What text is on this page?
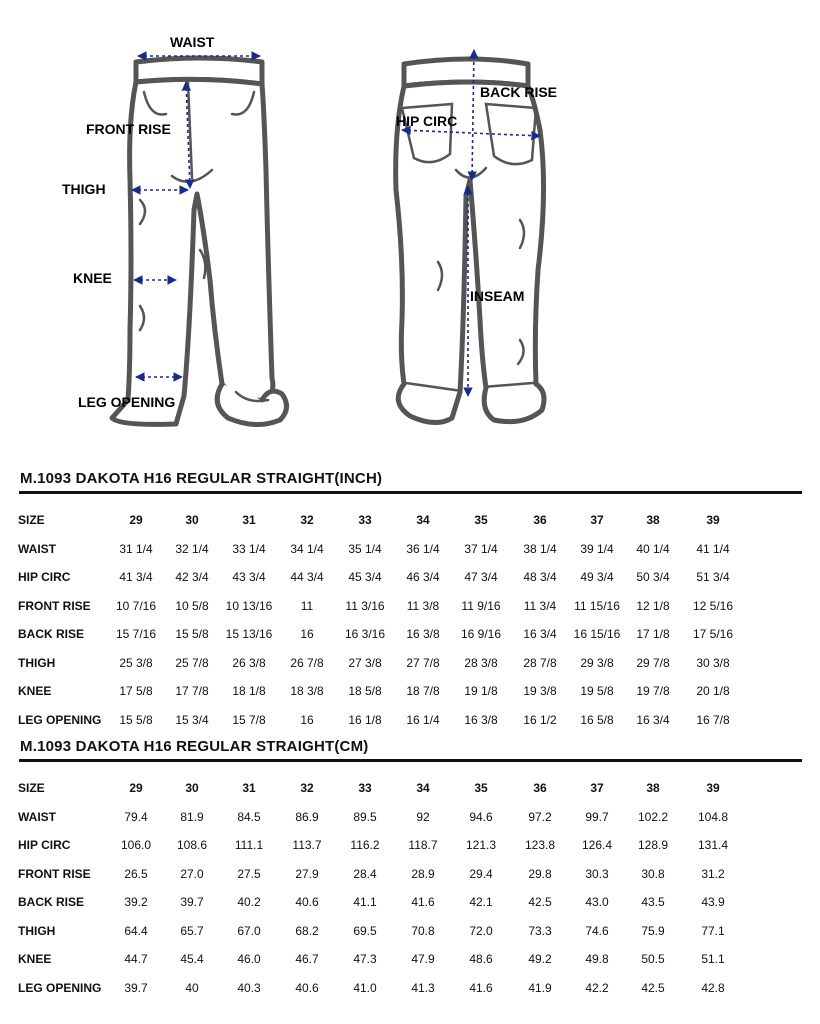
WAIST
FRONT RISE
THIGH
KNEE
LEG OPENING
BACK RISE
HIP CIRC
INSEAM
M.1093 DAKOTA H16 REGULAR STRAIGHT(INCH)
SIZE	29	30	31	32	33	34	35	36	37	38	39
WAIST	31 1/4	32 1/4	33 1/4	34 1/4	35 1/4	36 1/4	37 1/4	38 1/4	39 1/4	40 1/4	41 1/4
HIP CIRC	41 3/4	42 3/4	43 3/4	44 3/4	45 3/4	46 3/4	47 3/4	48 3/4	49 3/4	50 3/4	51 3/4
FRONT RISE	10 7/16	10 5/8	10 13/16	11	11 3/16	11 3/8	11 9/16	11 3/4	11 15/16	12 1/8	12 5/16
BACK RISE	15 7/16	15 5/8	15 13/16	16	16 3/16	16 3/8	16 9/16	16 3/4	16 15/16	17 1/8	17 5/16
THIGH	25 3/8	25 7/8	26 3/8	26 7/8	27 3/8	27 7/8	28 3/8	28 7/8	29 3/8	29 7/8	30 3/8
KNEE	17 5/8	17 7/8	18 1/8	18 3/8	18 5/8	18 7/8	19 1/8	19 3/8	19 5/8	19 7/8	20 1/8
LEG OPENING	15 5/8	15 3/4	15 7/8	16	16 1/8	16 1/4	16 3/8	16 1/2	16 5/8	16 3/4	16 7/8
M.1093 DAKOTA H16 REGULAR STRAIGHT(CM)
SIZE	29	30	31	32	33	34	35	36	37	38	39
WAIST	79.4	81.9	84.5	86.9	89.5	92	94.6	97.2	99.7	102.2	104.8
HIP CIRC	106.0	108.6	111.1	113.7	116.2	118.7	121.3	123.8	126.4	128.9	131.4
FRONT RISE	26.5	27.0	27.5	27.9	28.4	28.9	29.4	29.8	30.3	30.8	31.2
BACK RISE	39.2	39.7	40.2	40.6	41.1	41.6	42.1	42.5	43.0	43.5	43.9
THIGH	64.4	65.7	67.0	68.2	69.5	70.8	72.0	73.3	74.6	75.9	77.1
KNEE	44.7	45.4	46.0	46.7	47.3	47.9	48.6	49.2	49.8	50.5	51.1
LEG OPENING	39.7	40	40.3	40.6	41.0	41.3	41.6	41.9	42.2	42.5	42.8
